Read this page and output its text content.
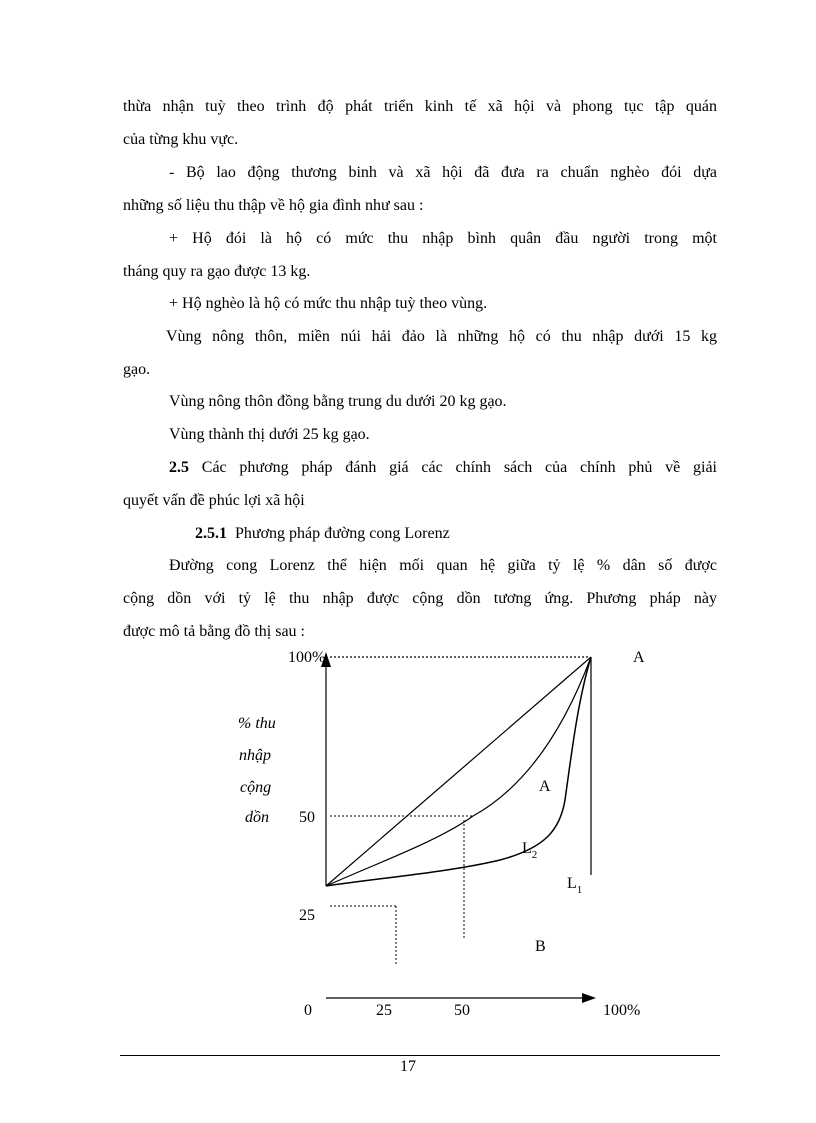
thừa nhận tuỳ theo trình độ phát triển kinh tế xã hội và phong tục tập quán

của từng khu vực.

- Bộ lao động thương binh và xã hội đã đưa ra chuẩn nghèo đói dựa

những số liệu thu thập về hộ gia đình như sau :

+ Hộ đói là hộ có mức thu nhập bình quân đầu người trong một

tháng quy ra gạo được 13 kg.

+ Hộ nghèo là hộ có mức thu nhập tuỳ theo vùng.

Vùng nông thôn, miền núi hải đảo là những hộ có thu nhập dưới 15 kg

gạo.

Vùng nông thôn đồng bằng trung du dưới 20 kg gạo.

Vùng thành thị dưới 25 kg gạo.

2.5 Các phương pháp đánh giá các chính sách của chính phủ về giải

quyết vấn đề phúc lợi xã hội

2.5.1 Phương pháp đường cong Lorenz

Đường cong Lorenz thể hiện mối quan hệ giữa tỷ lệ % dân số được

cộng dồn với tỷ lệ thu nhập được cộng dồn tương ứng. Phương pháp này

được mô tả bằng đồ thị sau :

100%
% thu
nhập
cộng
dồn 50
25
0	25	50	100%
A
A
B
$L_2$
$L_1$
17
